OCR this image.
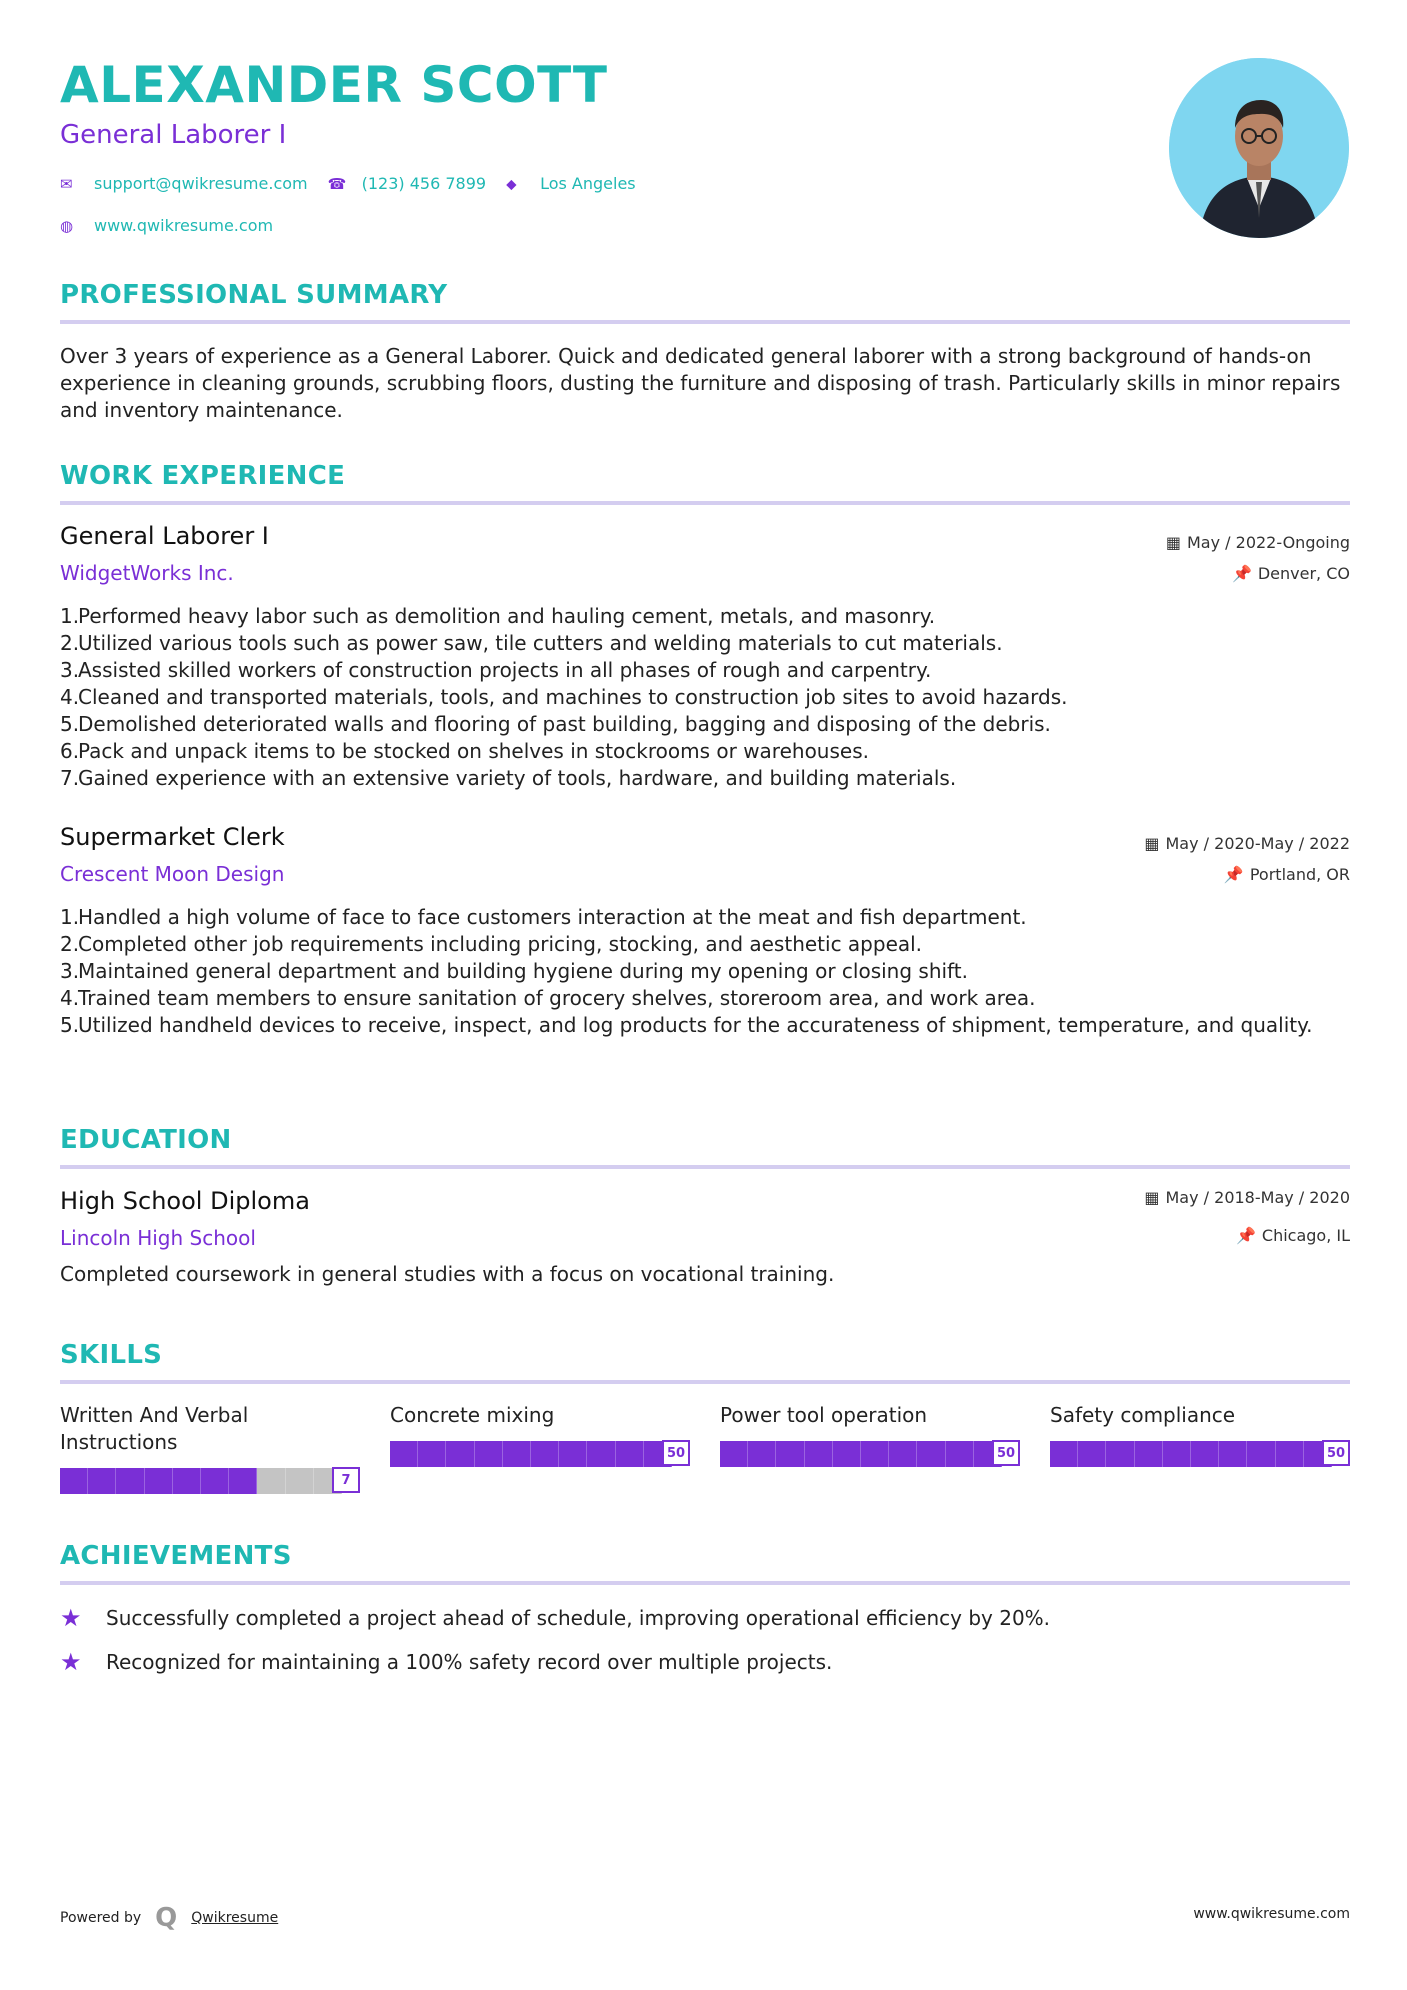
ALEXANDER SCOTT
General Laborer I
✉	support@qwikresume.com ☎ (123) 456 7899 ⬥	Los Angeles
◍	www.qwikresume.com
PROFESSIONAL SUMMARY
Over 3 years of experience as a General Laborer. Quick and dedicated general laborer with a strong background of hands-on experience in cleaning grounds, scrubbing floors, dusting the furniture and disposing of trash. Particularly skills in minor repairs and inventory maintenance.
WORK EXPERIENCE
General Laborer I	▦ May / 2022-Ongoing
WidgetWorks Inc.	📌 Denver, CO
1.
Performed heavy labor such as demolition and hauling cement, metals, and masonry.
2.
Utilized various tools such as power saw, tile cutters and welding materials to cut materials.
3.
Assisted skilled workers of construction projects in all phases of rough and carpentry.
4.
Cleaned and transported materials, tools, and machines to construction job sites to avoid hazards.
5.
Demolished deteriorated walls and flooring of past building, bagging and disposing of the debris.
6.
Pack and unpack items to be stocked on shelves in stockrooms or warehouses.
7.
Gained experience with an extensive variety of tools, hardware, and building materials.
Supermarket Clerk	▦ May / 2020-May / 2022
Crescent Moon Design	📌 Portland, OR
1.
Handled a high volume of face to face customers interaction at the meat and fish department.
2.
Completed other job requirements including pricing, stocking, and aesthetic appeal.
3.
Maintained general department and building hygiene during my opening or closing shift.
4.
Trained team members to ensure sanitation of grocery shelves, storeroom area, and work area.
5.
Utilized handheld devices to receive, inspect, and log products for the accurateness of shipment, temperature, and quality.
EDUCATION
High School Diploma	▦ May / 2018-May / 2020
Lincoln High School	📌 Chicago, IL
Completed coursework in general studies with a focus on vocational training.
SKILLS
Written And Verbal Instructions
7
Concrete mixing
50
Power tool operation
50
Safety compliance
50
ACHIEVEMENTS
★	Successfully completed a project ahead of schedule, improving operational efficiency by 20%.
★	Recognized for maintaining a 100% safety record over multiple projects.
Powered by Q Qwikresume	www.qwikresume.com
